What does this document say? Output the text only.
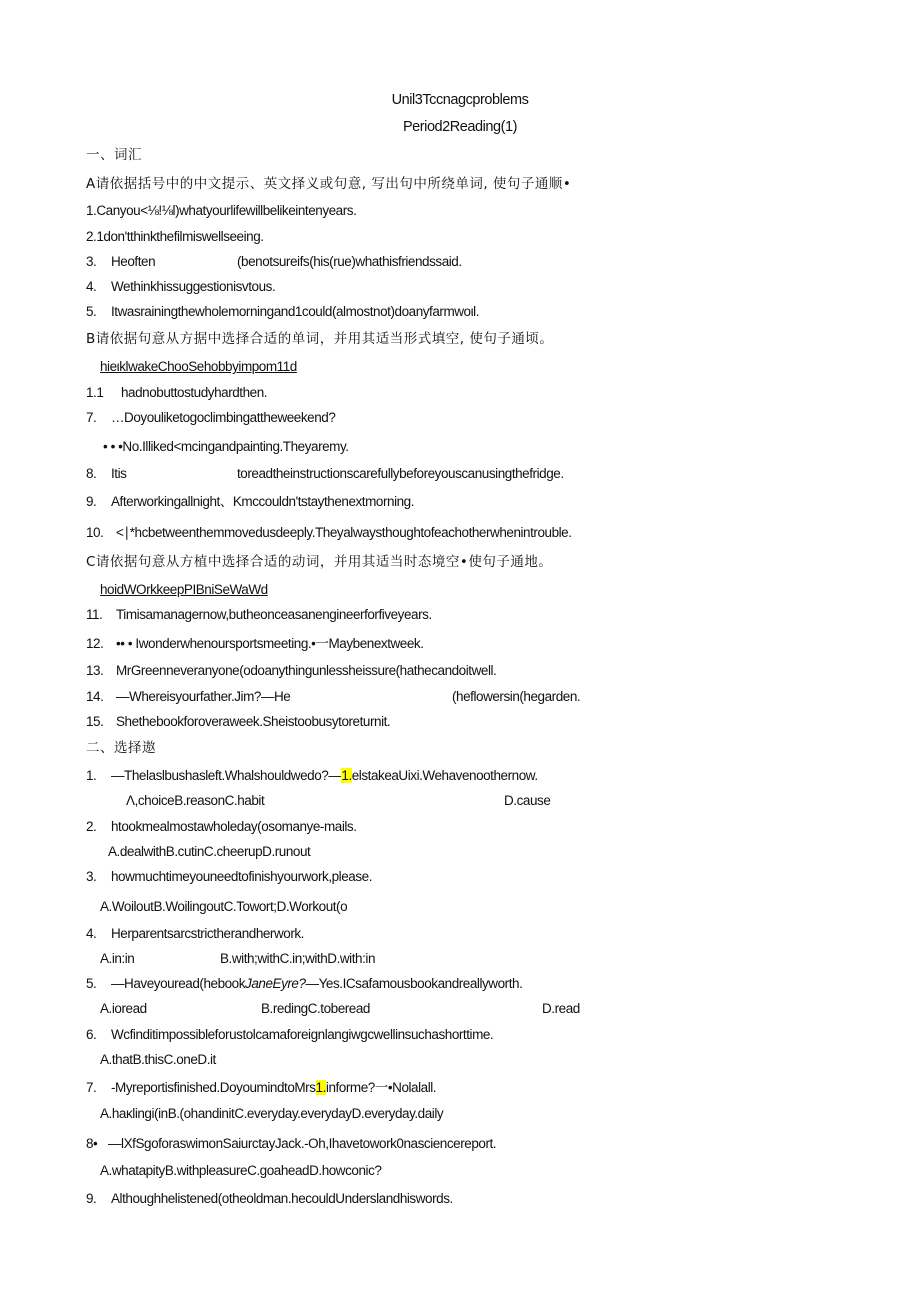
Unil3Tccnagcproblems
Period2Reading(1)
一、词汇
A请依据括号中的中文提示、英文择义或句意, 写出句中所绕单词, 使句子通顺•
1.Canyou<⅛!⅛l)whatyourlifewillbelikeintenyears.
2.1don'tthinkthefilmiswellseeing.
3. Heoften	(benotsureifs(his(rue)whathisfriendssaid.
4. Wethinkhissuggestionisvtous.
5. Itwasrainingthewholemorningand1could(almostnot)doanyfarmwoιl.
B请依据句意从方据中选择合适的单词，并用其适当形式填空, 使句子通顷。
hieιklwakeChooSehobbyimpom11d
1.1 hadnobuttostudyhardthen.
7. …Doyouliketogoclimbingattheweekend?
• • •No.Illiked<mcingandpainting.Theyaremy.
8. Itis	toreadtheinstructionscarefullybeforeyouscanusingthefridge.
9. Afterworkingallnight、Kmccouldn'tstaythenextmorning.
10. <∣*hcbetweenthemmovedusdeeply.Theyalwaysthoughtofeachotherwhenintrouble.
C请依据句意从方植中选择合适的动词，并用其适当时态境空•使句子通地。
hoidWOrkkeepPIBniSeWaWd
11. Timisamanagernow,butheonceasanengineerforfiveyears.
12. •• • Iwonderwhenoursportsmeeting.•一Maybenextweek.
13. MrGreenneveranyone(odoanythingunlessheissure(hathecandoitwell.
14. —Whereisyourfather.Jim?—He	(heflowersin(hegarden.
15. Shethebookforoveraweek.Sheistoobusytoreturnit.
二、选择遨
1. —Thelaslbushasleft.Whalshouldwedo?—1.elstakeaUixi.Wehavenoothernow.
Λ,choiceB.reasonC.habit	D.cause
2. htookmealmostawholeday(osomanye-mails.
A.dealwithB.cutinC.cheerupD.runout
3. howmuchtimeyouneedtofinishyourwork,please.
A.WoiloutB.WoilingoutC.Towort;D.Workout(o
4. Herparentsarcstrictherandherwork.
A.in:in	B.with;withC.in;withD.with:in
5. —Haveyouread(hebookJaneEyre?—Yes.ICsafamousbookandreallyworth.
A.ioread	B.redingC.toberead	D.read
6. Wcfinditimpossibleforustolcamaforeignlangiwgcwellinsuchashorttime.
A.thatB.thisC.oneD.it
7. -Myreportisfinished.DoyoumindtoMrs1.informe?一•Nolalall.
A.haκlingi(inB.(ohandinitC.everyday.everydayD.everyday.daily
8• —lXfSgoforaswimonSaiurctayJack.-Oh,Ihavetowork0nasciencereport.
A.whatapityB.withpleasureC.goaheadD.howconic?
9. Althoughhelistened(otheoldman.hecouldUnderslandhiswords.
